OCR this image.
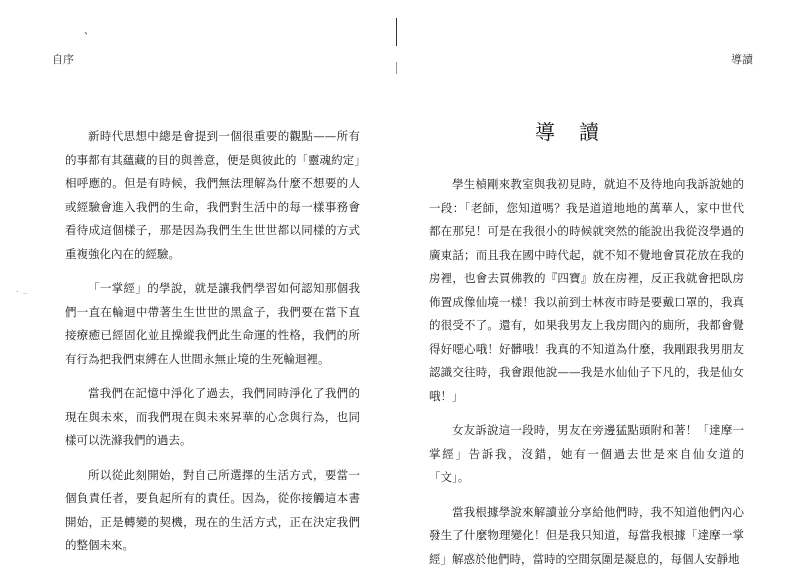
、
自序
. _

新時代思想中總是會提到一個很重要的觀點——所有的事都有其蘊藏的目的與善意，便是與彼此的「靈魂約定」相呼應的。但是有時候，我們無法理解為什麼不想要的人或經驗會進入我們的生命，我們對生活中的每一樣事務會看待成這個樣子，那是因為我們生生世世都以同樣的方式重複強化內在的經驗。

「一掌經」的學說，就是讓我們學習如何認知那個我們一直在輪迴中帶著生生世世的黑盒子，我們要在當下直接療癒已經固化並且操縱我們此生命運的性格，我們的所有行為把我們束縛在人世間永無止境的生死輪迴裡。

當我們在記憶中淨化了過去，我們同時淨化了我們的現在與未來，而我們現在與未來昇華的心念與行為，也同樣可以洗滌我們的過去。

所以從此刻開始，對自己所選擇的生活方式，要當一個負責任者，要負起所有的責任。因為，從你接觸這本書開始，正是轉變的契機，現在的生活方式，正在決定我們的整個未來。

導讀
導讀

學生楨剛來教室與我初見時，就迫不及待地向我訴說她的一段：「老師，您知道嗎？我是道道地地的萬華人，家中世代都在那兒！可是在我很小的時候就突然的能說出我從沒學過的廣東話；而且我在國中時代起，就不知不覺地會買花放在我的房裡，也會去買佛教的『四寶』放在房裡，反正我就會把臥房佈置成像仙境一樣！我以前到士林夜市時是要戴口罩的，我真的很受不了。還有，如果我男友上我房間內的廁所，我都會覺得好噁心哦！好髒哦！我真的不知道為什麼，我剛跟我男朋友認識交往時，我會跟他說——我是水仙仙子下凡的，我是仙女哦！」

女友訴說這一段時，男友在旁邊猛點頭附和著！「達摩一掌經」告訴我，沒錯，她有一個過去世是來自仙女道的「文」。

當我根據學說來解讀並分享給他們時，我不知道他們內心發生了什麼物理變化！但是我只知道，每當我根據「達摩一掌經」解惑於他們時，當時的空間氛圍是凝息的，每個人安靜地
